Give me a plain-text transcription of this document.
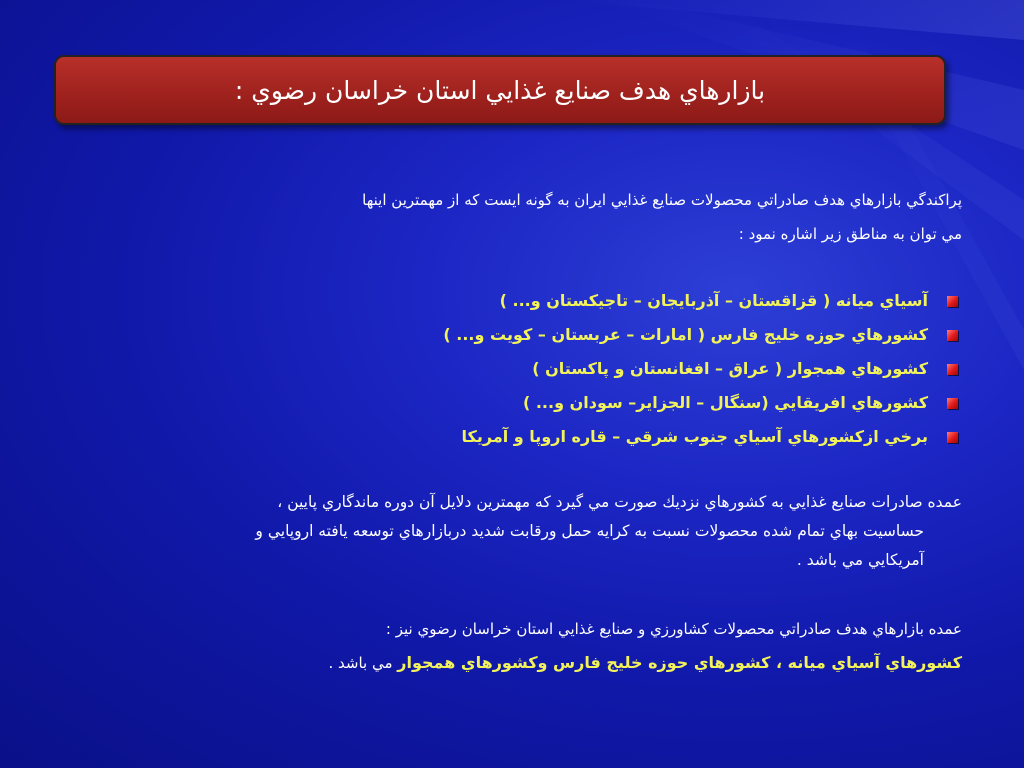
بازارهاي هدف صنايع غذايي استان خراسان رضوي :

پراكندگي بازارهاي هدف صادراتي محصولات صنايع غذايي ايران به گونه ايست كه از مهمترين اينها
مي توان به مناطق زير اشاره نمود :

آسياي ميانه ( قزاقستان – آذربايجان – تاجيكستان و... )
كشورهاي حوزه خليج فارس ( امارات – عربستان – كويت و... )
كشورهاي همجوار ( عراق – افغانستان و پاكستان )
كشورهاي افريقايي (سنگال – الجزاير– سودان و... )
برخي ازكشورهاي آسياي جنوب شرقي – قاره اروپا و آمريكا

عمده صادرات صنايع غذايي به كشورهاي نزديك صورت مي گيرد كه مهمترين دلايل آن دوره ماندگاري پايين ،
حساسيت بهاي تمام شده محصولات نسبت به كرايه حمل ورقابت شديد دربازارهاي توسعه يافته اروپايي و
آمريكايي مي باشد .

عمده بازارهاي هدف صادراتي محصولات كشاورزي و صنايع غذايي استان خراسان رضوي نيز :
كشورهاي آسياي ميانه ، كشورهاي حوزه خليج فارس وكشورهاي همجوار مي باشد .
